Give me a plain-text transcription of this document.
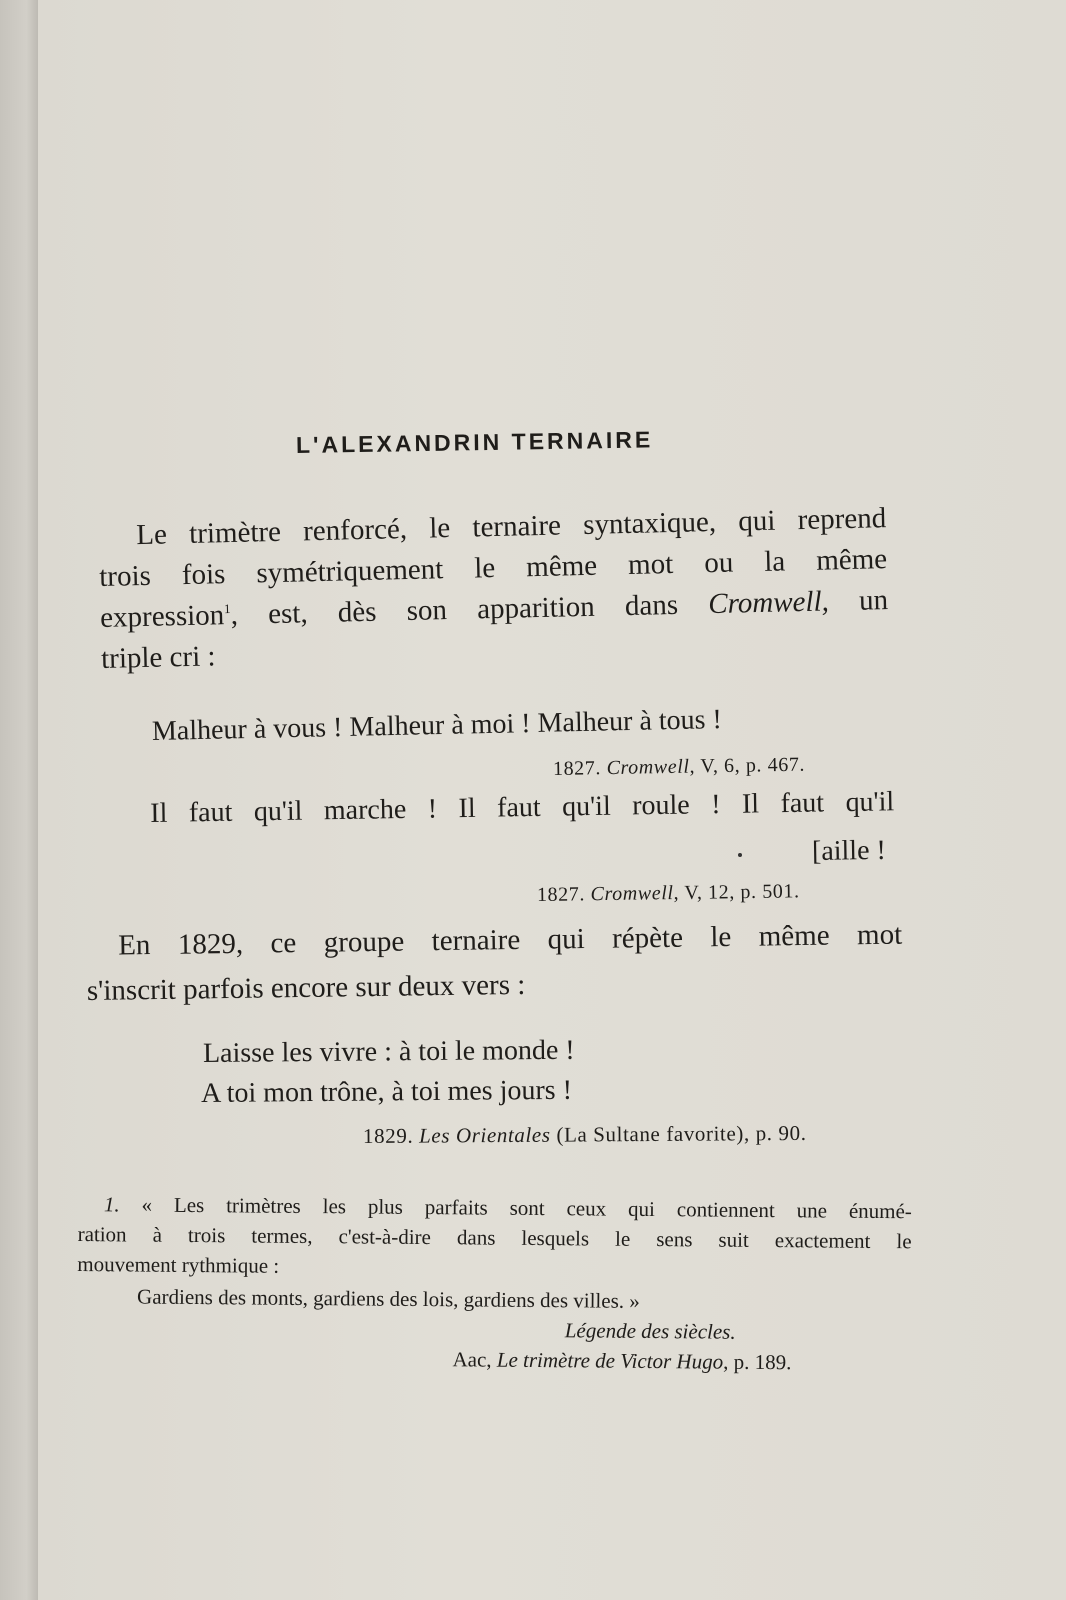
L'ALEXANDRIN TERNAIRE
Le trimètre renforcé, le ternaire syntaxique, qui reprend
trois fois symétriquement le même mot ou la même
expression$^1$, est, dès son apparition dans Cromwell, un
triple cri :
Malheur à vous ! Malheur à moi ! Malheur à tous !
1827. Cromwell, V, 6, p. 467.
Il faut qu'il marche ! Il faut qu'il roule ! Il faut qu'il
[aille !
1827. Cromwell, V, 12, p. 501.
En 1829, ce groupe ternaire qui répète le même mot
s'inscrit parfois encore sur deux vers :
Laisse les vivre : à toi le monde !
A toi mon trône, à toi mes jours !
1829. Les Orientales (La Sultane favorite), p. 90.
1. « Les trimètres les plus parfaits sont ceux qui contiennent une énumé-
ration à trois termes, c'est-à-dire dans lesquels le sens suit exactement le
mouvement rythmique :
Gardiens des monts, gardiens des lois, gardiens des villes. »
Légende des siècles.
Aac, Le trimètre de Victor Hugo, p. 189.
